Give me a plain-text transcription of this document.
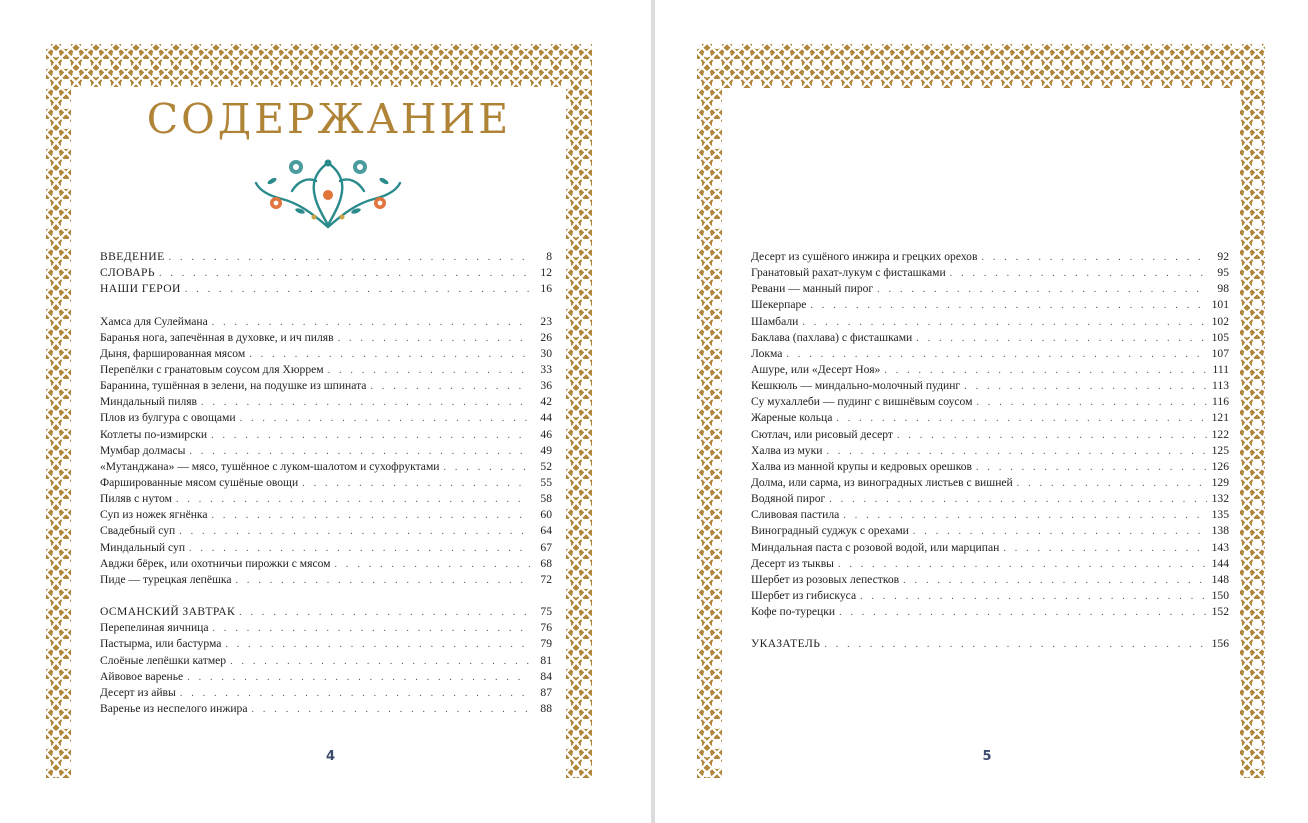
4
СОДЕРЖАНИЕ
ВВЕДЕНИЕ . . .	8
СЛОВАРЬ . . .	12
НАШИ ГЕРОИ . . .	16
Хамса для Сулеймана . . .	23
Баранья нога, запечённая в духовке, и ич пиляв . . .	26
Дыня, фаршированная мясом . . .	30
Перепёлки с гранатовым соусом для Хюррем . . .	33
Баранина, тушённая в зелени, на подушке из шпината . . .	36
Миндальный пиляв . . .	42
Плов из булгура с овощами . . .	44
Котлеты по-измирски . . .	46
Мумбар долмасы . . .	49
«Мутанджана» — мясо, тушённое с луком-шалотом и сухофруктами . . .	52
Фаршированные мясом сушёные овощи . . .	55
Пиляв с нутом . . .	58
Суп из ножек ягнёнка . . .	60
Свадебный суп . . .	64
Миндальный суп . . .	67
Авджи бёрек, или охотничьи пирожки с мясом . . .	68
Пиде — турецкая лепёшка . . .	72
ОСМАНСКИЙ ЗАВТРАК . . .	75
Перепелиная яичница . . .	76
Пастырма, или бастурма . . .	79
Слоёные лепёшки катмер . . .	81
Айвовое варенье . . .	84
Десерт из айвы . . .	87
Варенье из неспелого инжира . . .	88
5
Десерт из сушёного инжира и грецких орехов . . .	92
Гранатовый рахат-лукум с фисташками . . .	95
Ревани — манный пирог . . .	98
Шекерпаре . . .	101
Шамбали . . .	102
Баклава (пахлава) с фисташками . . .	105
Локма . . .	107
Ашуре, или «Десерт Ноя» . . .	111
Кешкюль — миндально-молочный пудинг . . .	113
Су мухаллеби — пудинг с вишнёвым соусом . . .	116
Жареные кольца . . .	121
Сютлач, или рисовый десерт . . .	122
Халва из муки . . .	125
Халва из манной крупы и кедровых орешков . . .	126
Долма, или сарма, из виноградных листьев с вишней . . .	129
Водяной пирог . . .	132
Сливовая пастила . . .	135
Виноградный суджук с орехами . . .	138
Миндальная паста с розовой водой, или марципан . . .	143
Десерт из тыквы . . .	144
Шербет из розовых лепестков . . .	148
Шербет из гибискуса . . .	150
Кофе по-турецки . . .	152
УКАЗАТЕЛЬ . . .	156
